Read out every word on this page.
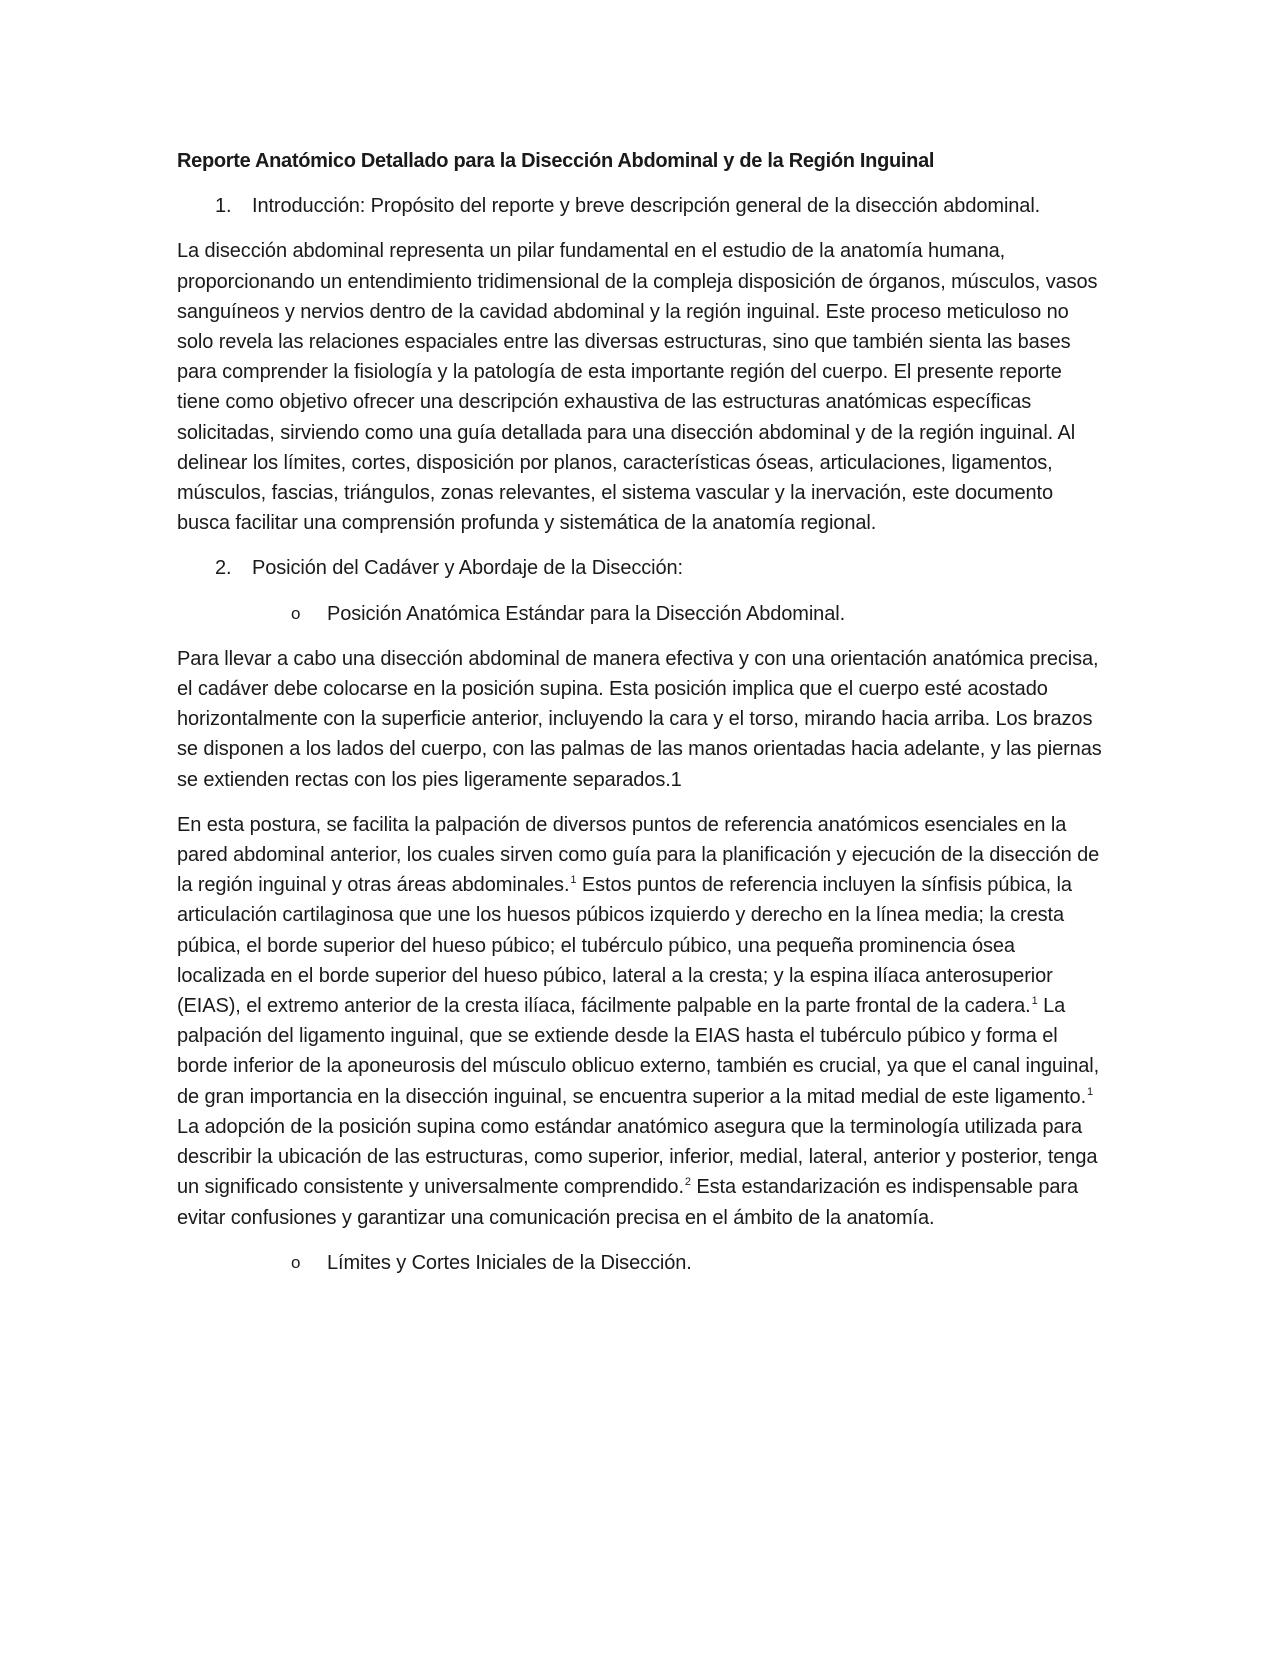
Reporte Anatómico Detallado para la Disección Abdominal y de la Región Inguinal
1.	Introducción: Propósito del reporte y breve descripción general de la disección abdominal.
La disección abdominal representa un pilar fundamental en el estudio de la anatomía humana, proporcionando un entendimiento tridimensional de la compleja disposición de órganos, músculos, vasos sanguíneos y nervios dentro de la cavidad abdominal y la región inguinal. Este proceso meticuloso no solo revela las relaciones espaciales entre las diversas estructuras, sino que también sienta las bases para comprender la fisiología y la patología de esta importante región del cuerpo. El presente reporte tiene como objetivo ofrecer una descripción exhaustiva de las estructuras anatómicas específicas solicitadas, sirviendo como una guía detallada para una disección abdominal y de la región inguinal. Al delinear los límites, cortes, disposición por planos, características óseas, articulaciones, ligamentos, músculos, fascias, triángulos, zonas relevantes, el sistema vascular y la inervación, este documento busca facilitar una comprensión profunda y sistemática de la anatomía regional.
2.	Posición del Cadáver y Abordaje de la Disección:
o	Posición Anatómica Estándar para la Disección Abdominal.
Para llevar a cabo una disección abdominal de manera efectiva y con una orientación anatómica precisa, el cadáver debe colocarse en la posición supina. Esta posición implica que el cuerpo esté acostado horizontalmente con la superficie anterior, incluyendo la cara y el torso, mirando hacia arriba. Los brazos se disponen a los lados del cuerpo, con las palmas de las manos orientadas hacia adelante, y las piernas se extienden rectas con los pies ligeramente separados.1
En esta postura, se facilita la palpación de diversos puntos de referencia anatómicos esenciales en la pared abdominal anterior, los cuales sirven como guía para la planificación y ejecución de la disección de la región inguinal y otras áreas abdominales.$^1$ Estos puntos de referencia incluyen la sínfisis púbica, la articulación cartilaginosa que une los huesos púbicos izquierdo y derecho en la línea media; la cresta púbica, el borde superior del hueso púbico; el tubérculo púbico, una pequeña prominencia ósea localizada en el borde superior del hueso púbico, lateral a la cresta; y la espina ilíaca anterosuperior (EIAS), el extremo anterior de la cresta ilíaca, fácilmente palpable en la parte frontal de la cadera.$^1$ La palpación del ligamento inguinal, que se extiende desde la EIAS hasta el tubérculo púbico y forma el borde inferior de la aponeurosis del músculo oblicuo externo, también es crucial, ya que el canal inguinal, de gran importancia en la disección inguinal, se encuentra superior a la mitad medial de este ligamento.$^1$ La adopción de la posición supina como estándar anatómico asegura que la terminología utilizada para describir la ubicación de las estructuras, como superior, inferior, medial, lateral, anterior y posterior, tenga un significado consistente y universalmente comprendido.$^2$ Esta estandarización es indispensable para evitar confusiones y garantizar una comunicación precisa en el ámbito de la anatomía.
o	Límites y Cortes Iniciales de la Disección.
